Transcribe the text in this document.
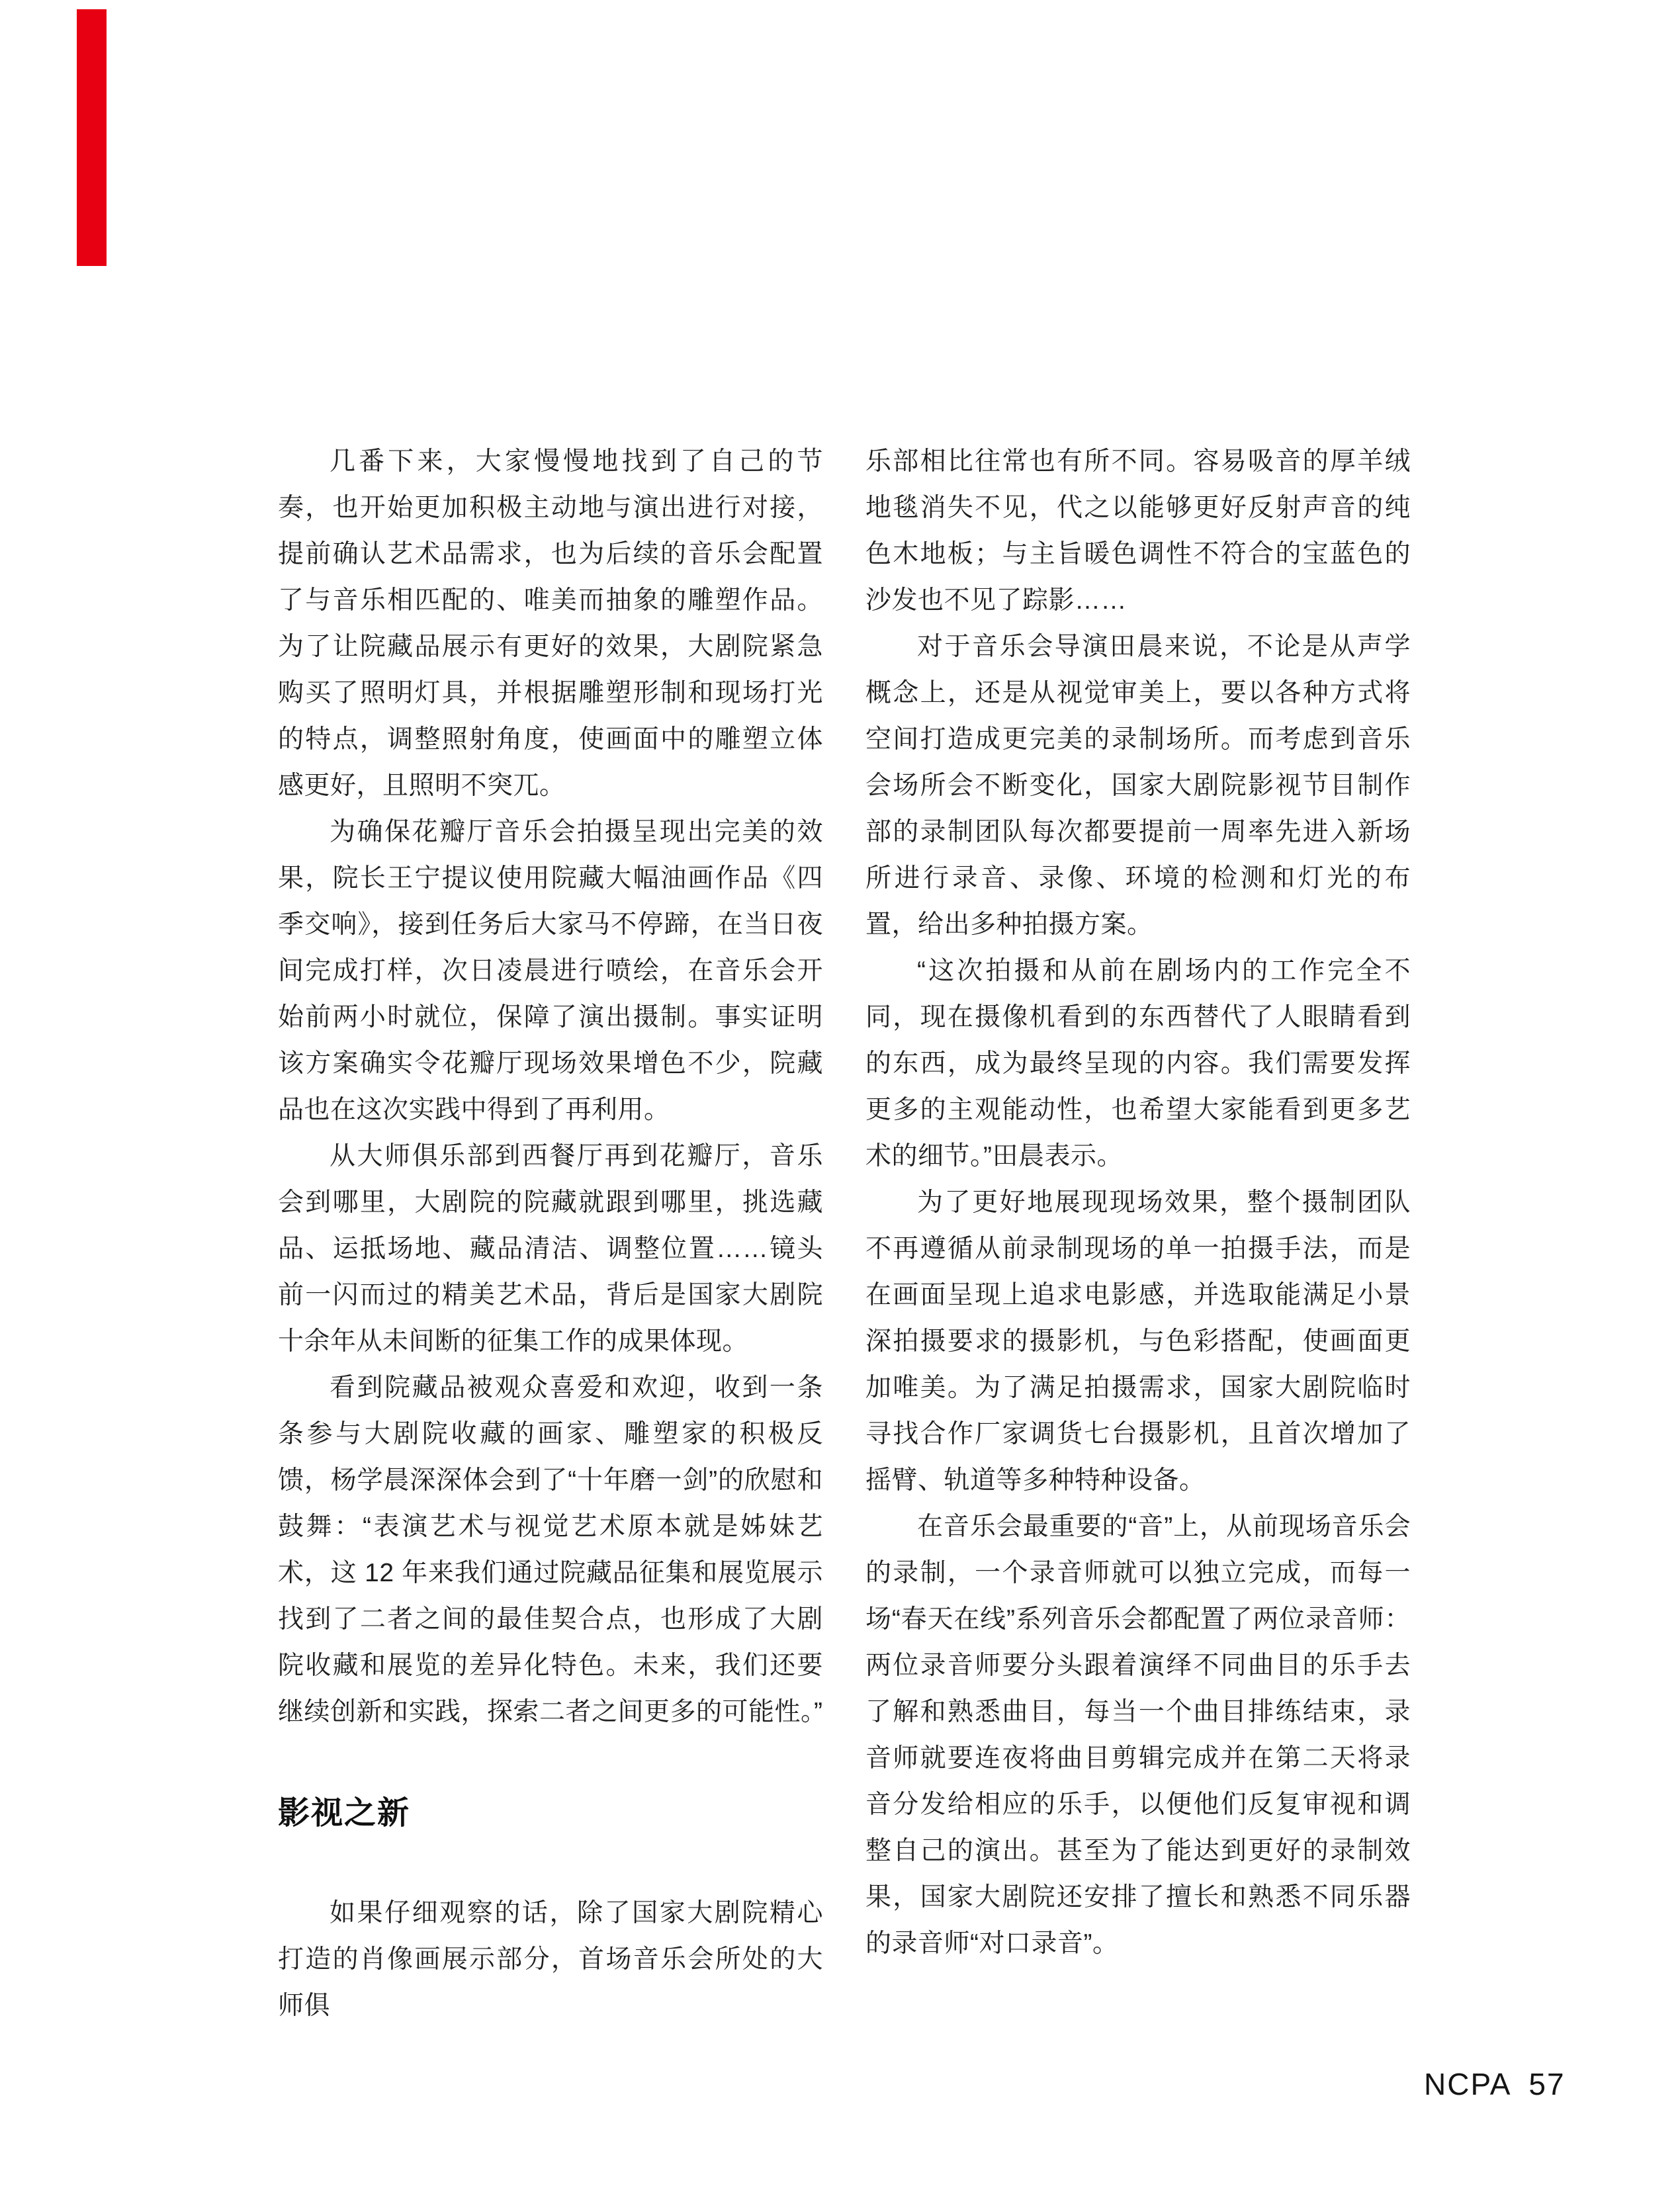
几番下来，大家慢慢地找到了自己的节奏，也开始更加积极主动地与演出进行对接，提前确认艺术品需求，也为后续的音乐会配置了与音乐相匹配的、唯美而抽象的雕塑作品。为了让院藏品展示有更好的效果，大剧院紧急购买了照明灯具，并根据雕塑形制和现场打光的特点，调整照射角度，使画面中的雕塑立体感更好，且照明不突兀。

为确保花瓣厅音乐会拍摄呈现出完美的效果，院长王宁提议使用院藏大幅油画作品《四季交响》，接到任务后大家马不停蹄，在当日夜间完成打样，次日凌晨进行喷绘，在音乐会开始前两小时就位，保障了演出摄制。事实证明该方案确实令花瓣厅现场效果增色不少，院藏品也在这次实践中得到了再利用。

从大师俱乐部到西餐厅再到花瓣厅，音乐会到哪里，大剧院的院藏就跟到哪里，挑选藏品、运抵场地、藏品清洁、调整位置……镜头前一闪而过的精美艺术品，背后是国家大剧院十余年从未间断的征集工作的成果体现。

看到院藏品被观众喜爱和欢迎，收到一条条参与大剧院收藏的画家、雕塑家的积极反馈，杨学晨深深体会到了“十年磨一剑”的欣慰和鼓舞：“表演艺术与视觉艺术原本就是姊妹艺术，这 12 年来我们通过院藏品征集和展览展示找到了二者之间的最佳契合点，也形成了大剧院收藏和展览的差异化特色。未来，我们还要继续创新和实践，探索二者之间更多的可能性。”

影视之新

如果仔细观察的话，除了国家大剧院精心打造的肖像画展示部分，首场音乐会所处的大师俱

乐部相比往常也有所不同。容易吸音的厚羊绒地毯消失不见，代之以能够更好反射声音的纯色木地板；与主旨暖色调性不符合的宝蓝色的沙发也不见了踪影……

对于音乐会导演田晨来说，不论是从声学概念上，还是从视觉审美上，要以各种方式将空间打造成更完美的录制场所。而考虑到音乐会场所会不断变化，国家大剧院影视节目制作部的录制团队每次都要提前一周率先进入新场所进行录音、录像、环境的检测和灯光的布置，给出多种拍摄方案。

“这次拍摄和从前在剧场内的工作完全不同，现在摄像机看到的东西替代了人眼睛看到的东西，成为最终呈现的内容。我们需要发挥更多的主观能动性，也希望大家能看到更多艺术的细节。”田晨表示。

为了更好地展现现场效果，整个摄制团队不再遵循从前录制现场的单一拍摄手法，而是在画面呈现上追求电影感，并选取能满足小景深拍摄要求的摄影机，与色彩搭配，使画面更加唯美。为了满足拍摄需求，国家大剧院临时寻找合作厂家调货七台摄影机，且首次增加了摇臂、轨道等多种特种设备。

在音乐会最重要的“音”上，从前现场音乐会的录制，一个录音师就可以独立完成，而每一场“春天在线”系列音乐会都配置了两位录音师：两位录音师要分头跟着演绎不同曲目的乐手去了解和熟悉曲目，每当一个曲目排练结束，录音师就要连夜将曲目剪辑完成并在第二天将录音分发给相应的乐手，以便他们反复审视和调整自己的演出。甚至为了能达到更好的录制效果，国家大剧院还安排了擅长和熟悉不同乐器的录音师“对口录音”。

NCPA 57
